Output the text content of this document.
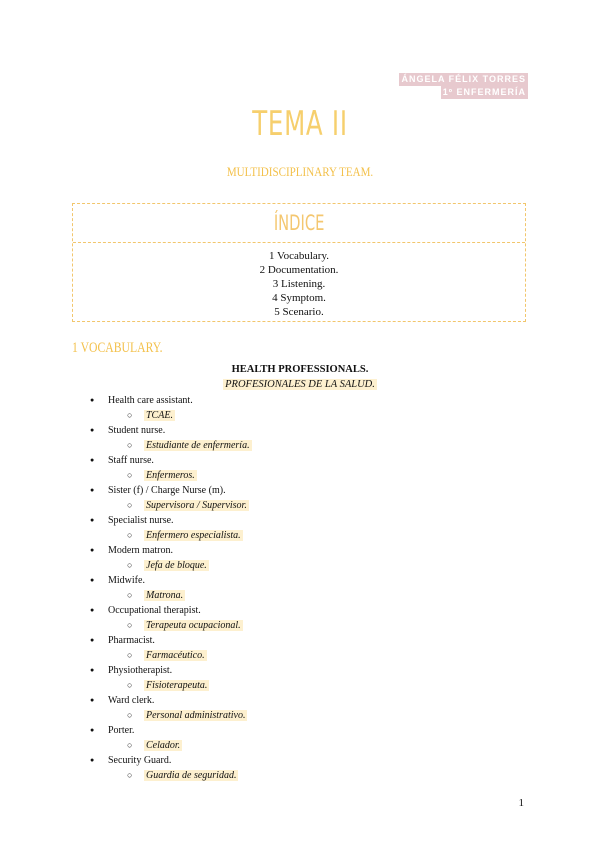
ÁNGELA FÉLIX TORRES
1º ENFERMERÍA
TEMA II
MULTIDISCIPLINARY TEAM.
ÍNDICE
1 Vocabulary.
2 Documentation.
3 Listening.
4 Symptom.
5 Scenario.
1 VOCABULARY.
HEALTH PROFESSIONALS.
PROFESIONALES DE LA SALUD.
● Health care assistant.
○ TCAE.
● Student nurse.
○ Estudiante de enfermería.
● Staff nurse.
○ Enfermeros.
● Sister (f) / Charge Nurse (m).
○ Supervisora / Supervisor.
● Specialist nurse.
○ Enfermero especialista.
● Modern matron.
○ Jefa de bloque.
● Midwife.
○ Matrona.
● Occupational therapist.
○ Terapeuta ocupacional.
● Pharmacist.
○ Farmacéutico.
● Physiotherapist.
○ Fisioterapeuta.
● Ward clerk.
○ Personal administrativo.
● Porter.
○ Celador.
● Security Guard.
○ Guardia de seguridad.
1
